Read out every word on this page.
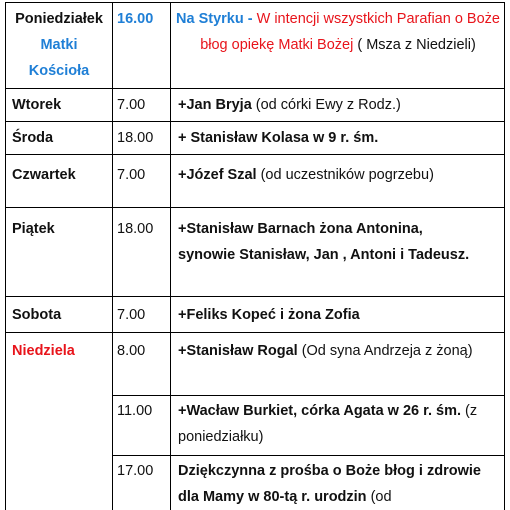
Poniedziałek
Matki
Kościoła
16.00	Na Styrku - W intencji wszystkich Parafian o Boże błog opiekę Matki Bożej ( Msza z Niedzieli)
Wtorek	7.00	+Jan Bryja (od córki Ewy z Rodz.)
Środa	18.00	+ Stanisław Kolasa w 9 r. śm.
Czwartek	7.00	+Józef Szal (od uczestników pogrzebu)
Piątek	18.00	+Stanisław Barnach żona Antonina, synowie Stanisław, Jan , Antoni i Tadeusz.
Sobota	7.00	+Feliks Kopeć i żona Zofia
Niedziela	8.00	+Stanisław Rogal (Od syna Andrzeja z żoną)
11.00	+Wacław Burkiet, córka Agata w 26 r. śm. (z poniedziałku)
17.00	Dziękczynna z prośba o Boże błog i zdrowie dla Mamy w 80-tą r. urodzin (od
